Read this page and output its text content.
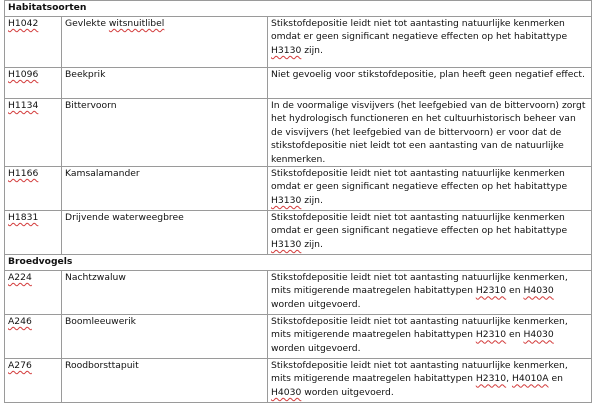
Habitatsoorten		
H1042	Gevlekte witsnuitlibel	Stikstofdepositie leidt niet tot aantasting natuurlijke kenmerken omdat er geen significant negatieve effecten op het habitattype H3130 zijn.
H1096	Beekprik	Niet gevoelig voor stikstofdepositie, plan heeft geen negatief effect.
H1134	Bittervoorn	In de voormalige visvijvers (het leefgebied van de bittervoorn) zorgt het hydrologisch functioneren en het cultuurhistorisch beheer van de visvijvers (het leefgebied van de bittervoorn) er voor dat de stikstofdepositie niet leidt tot een aantasting van de natuurlijke kenmerken.
H1166	Kamsalamander	Stikstofdepositie leidt niet tot aantasting natuurlijke kenmerken omdat er geen significant negatieve effecten op het habitattype H3130 zijn.
H1831	Drijvende waterweegbree	Stikstofdepositie leidt niet tot aantasting natuurlijke kenmerken omdat er geen significant negatieve effecten op het habitattype H3130 zijn.
Broedvogels		
A224	Nachtzwaluw	Stikstofdepositie leidt niet tot aantasting natuurlijke kenmerken, mits mitigerende maatregelen habitattypen H2310 en H4030 worden uitgevoerd.
A246	Boomleeuwerik	Stikstofdepositie leidt niet tot aantasting natuurlijke kenmerken, mits mitigerende maatregelen habitattypen H2310 en H4030 worden uitgevoerd.
A276	Roodborsttapuit	Stikstofdepositie leidt niet tot aantasting natuurlijke kenmerken, mits mitigerende maatregelen habitattypen H2310, H4010A en H4030 worden uitgevoerd.
